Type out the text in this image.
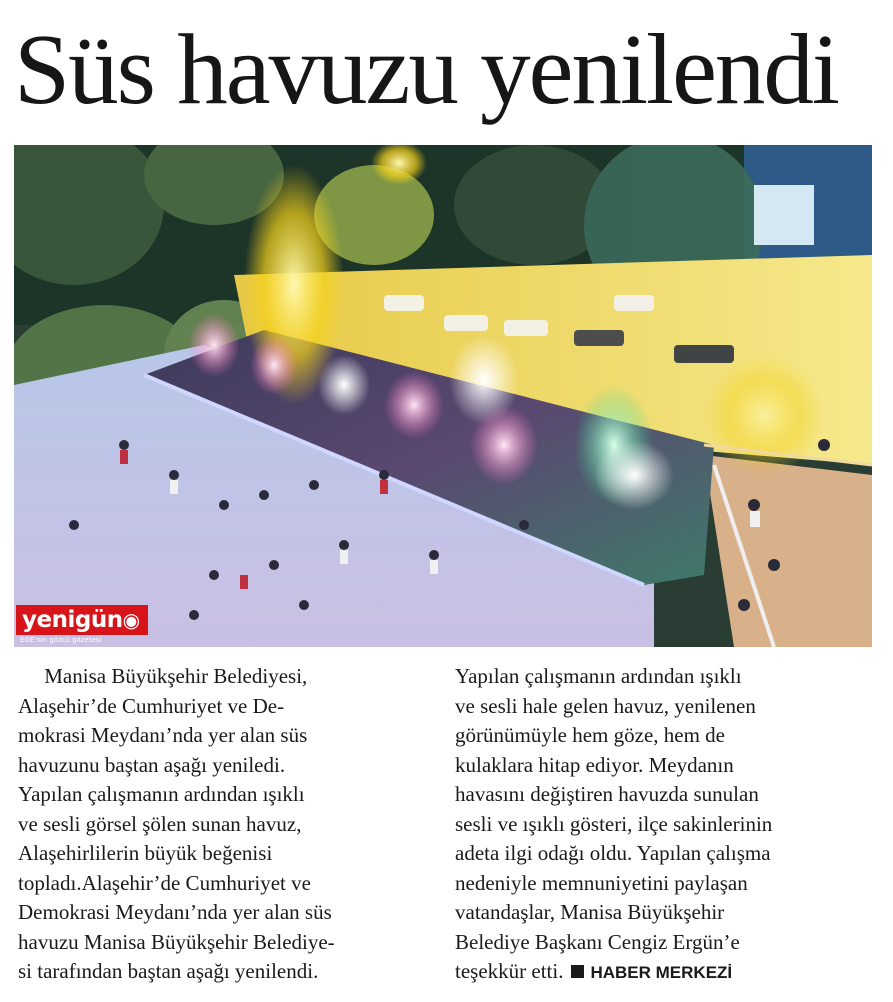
Süs havuzu yenilendi
yenigün◉
EGE'nin gözcü gazetesi

Manisa Büyükşehir Belediyesi,

Alaşehir’de Cumhuriyet ve De-

mokrasi Meydanı’nda yer alan süs

havuzunu baştan aşağı yeniledi.

Yapılan çalışmanın ardından ışıklı

ve sesli görsel şölen sunan havuz,

Alaşehirlilerin büyük beğenisi

topladı.Alaşehir’de Cumhuriyet ve

Demokrasi Meydanı’nda yer alan süs

havuzu Manisa Büyükşehir Belediye-

si tarafından baştan aşağı yenilendi.

Yapılan çalışmanın ardından ışıklı

ve sesli hale gelen havuz, yenilenen

görünümüyle hem göze, hem de

kulaklara hitap ediyor. Meydanın

havasını değiştiren havuzda sunulan

sesli ve ışıklı gösteri, ilçe sakinlerinin

adeta ilgi odağı oldu. Yapılan çalışma

nedeniyle memnuniyetini paylaşan

vatandaşlar, Manisa Büyükşehir

Belediye Başkanı Cengiz Ergün’e

teşekkür etti. HABER MERKEZİ
